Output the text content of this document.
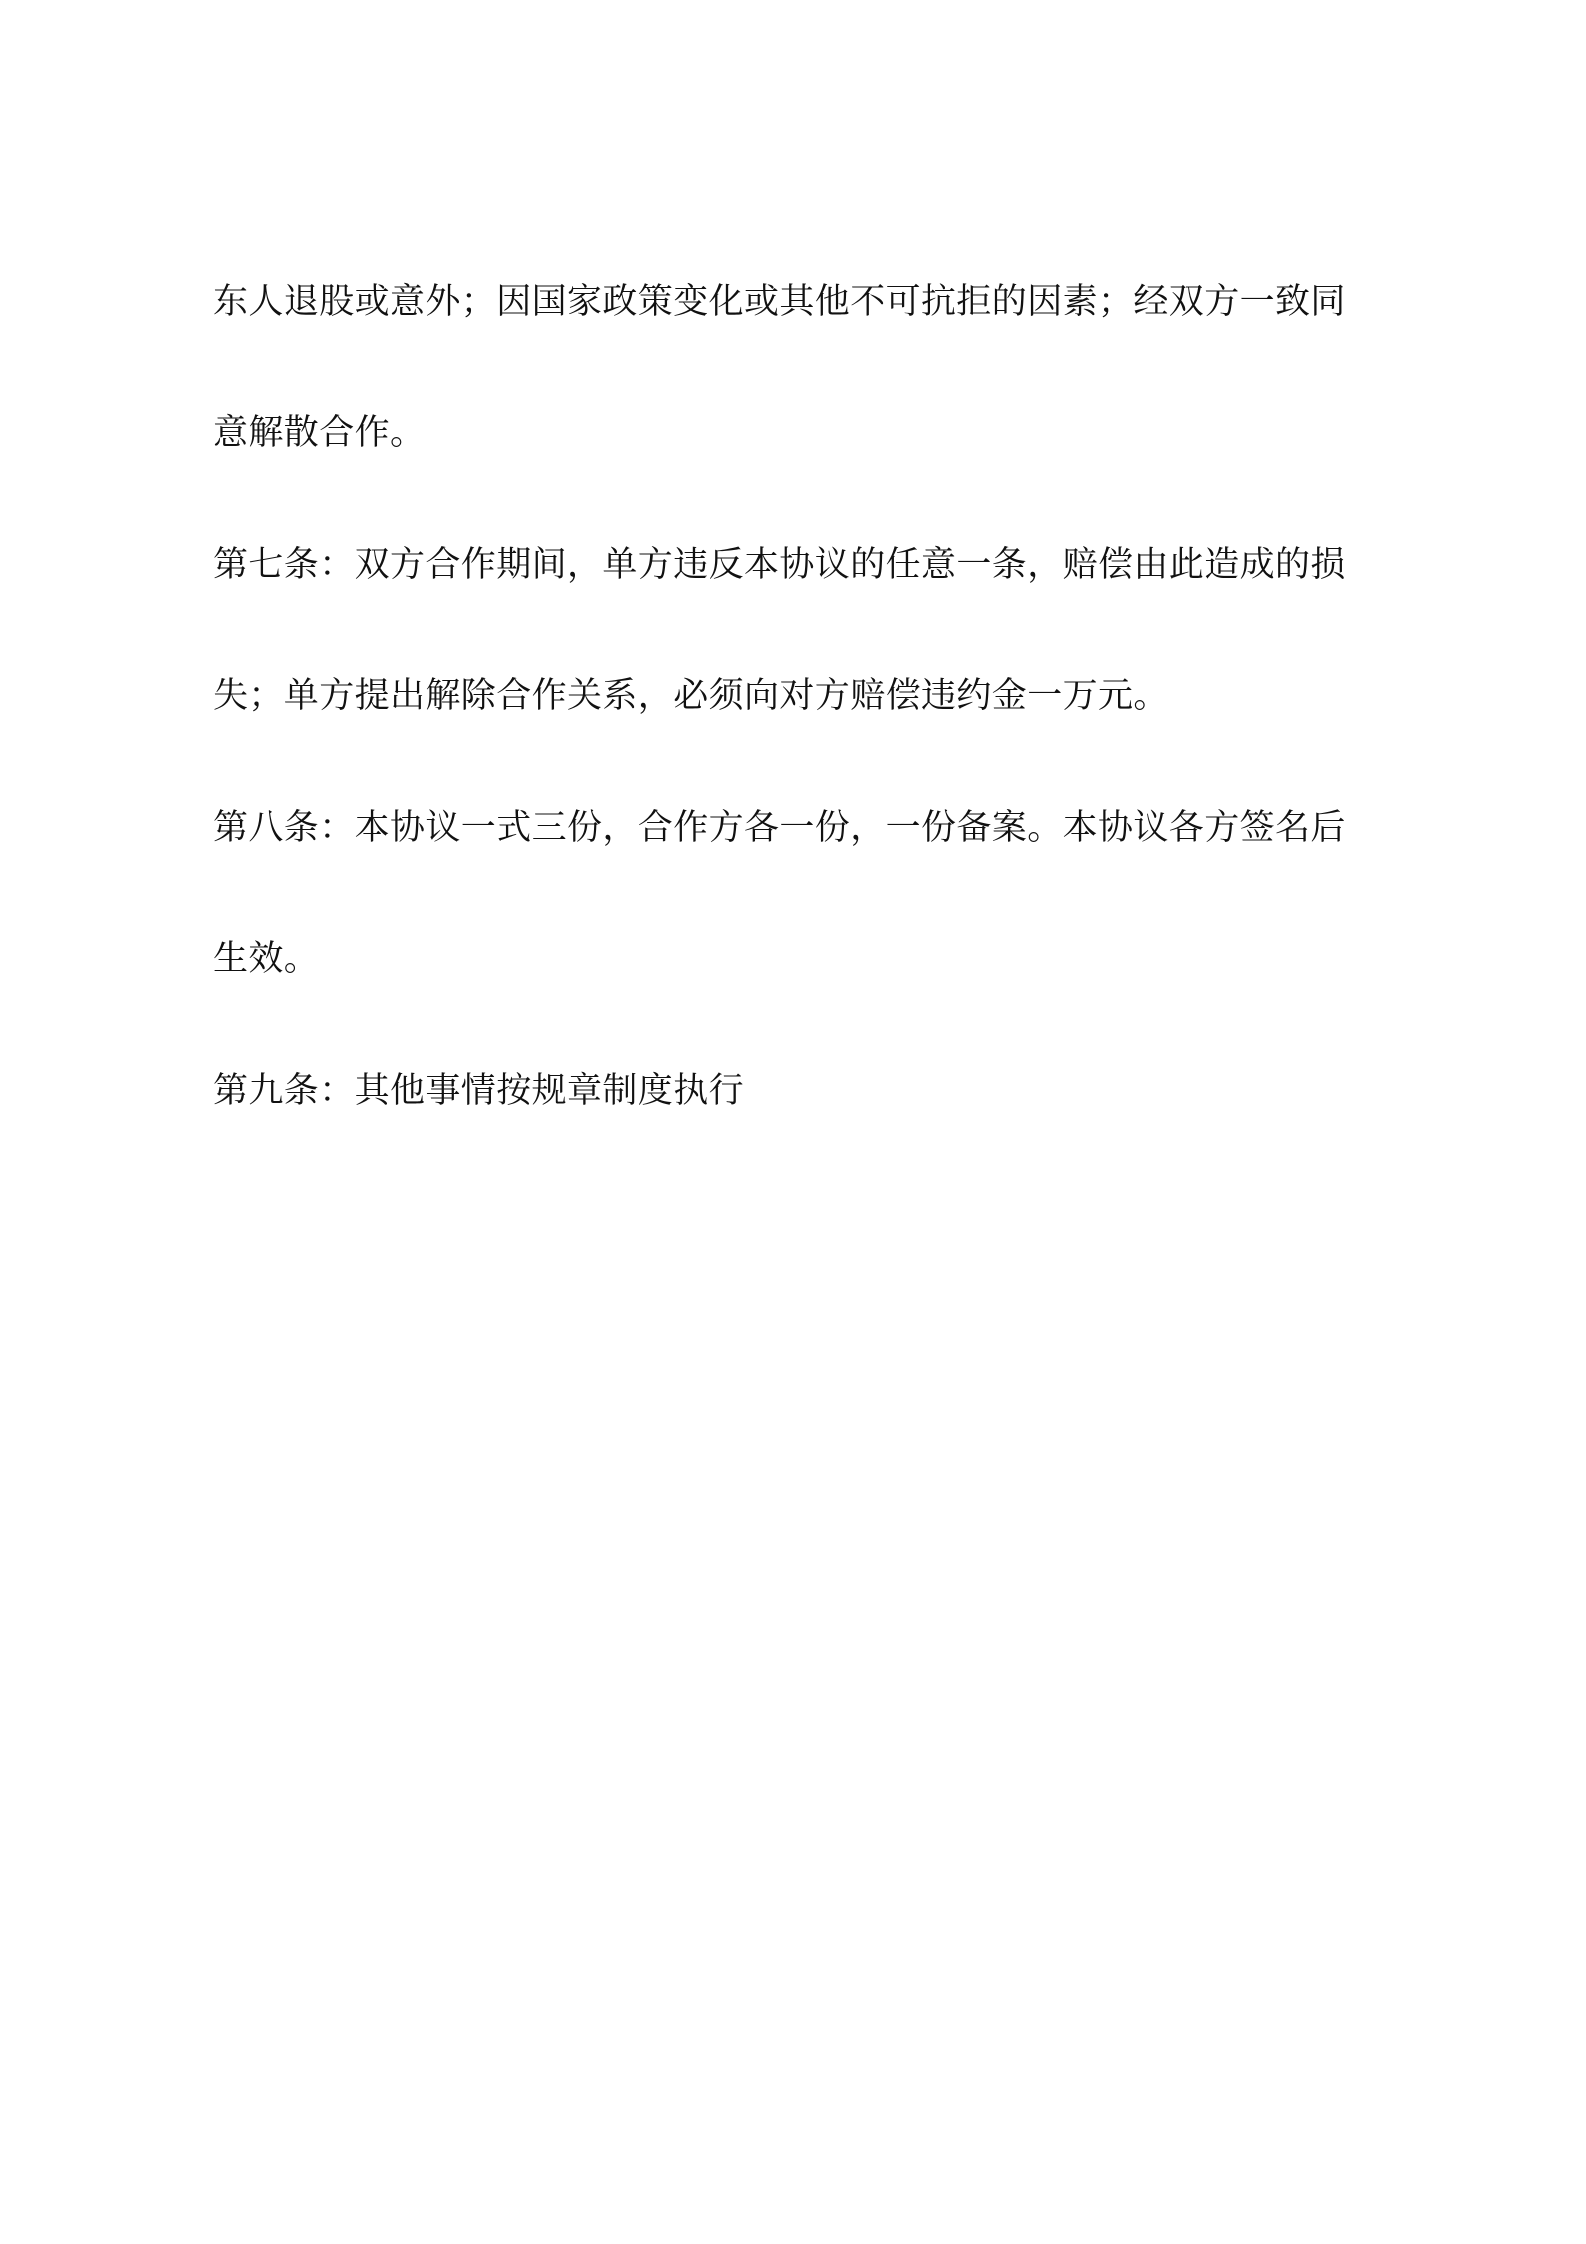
东人退股或意外；因国家政策变化或其他不可抗拒的因素；经双方一致同
意解散合作。
第七条：双方合作期间，单方违反本协议的任意一条，赔偿由此造成的损
失；单方提出解除合作关系，必须向对方赔偿违约金一万元。
第八条：本协议一式三份，合作方各一份，一份备案。本协议各方签名后
生效。
第九条：其他事情按规章制度执行
